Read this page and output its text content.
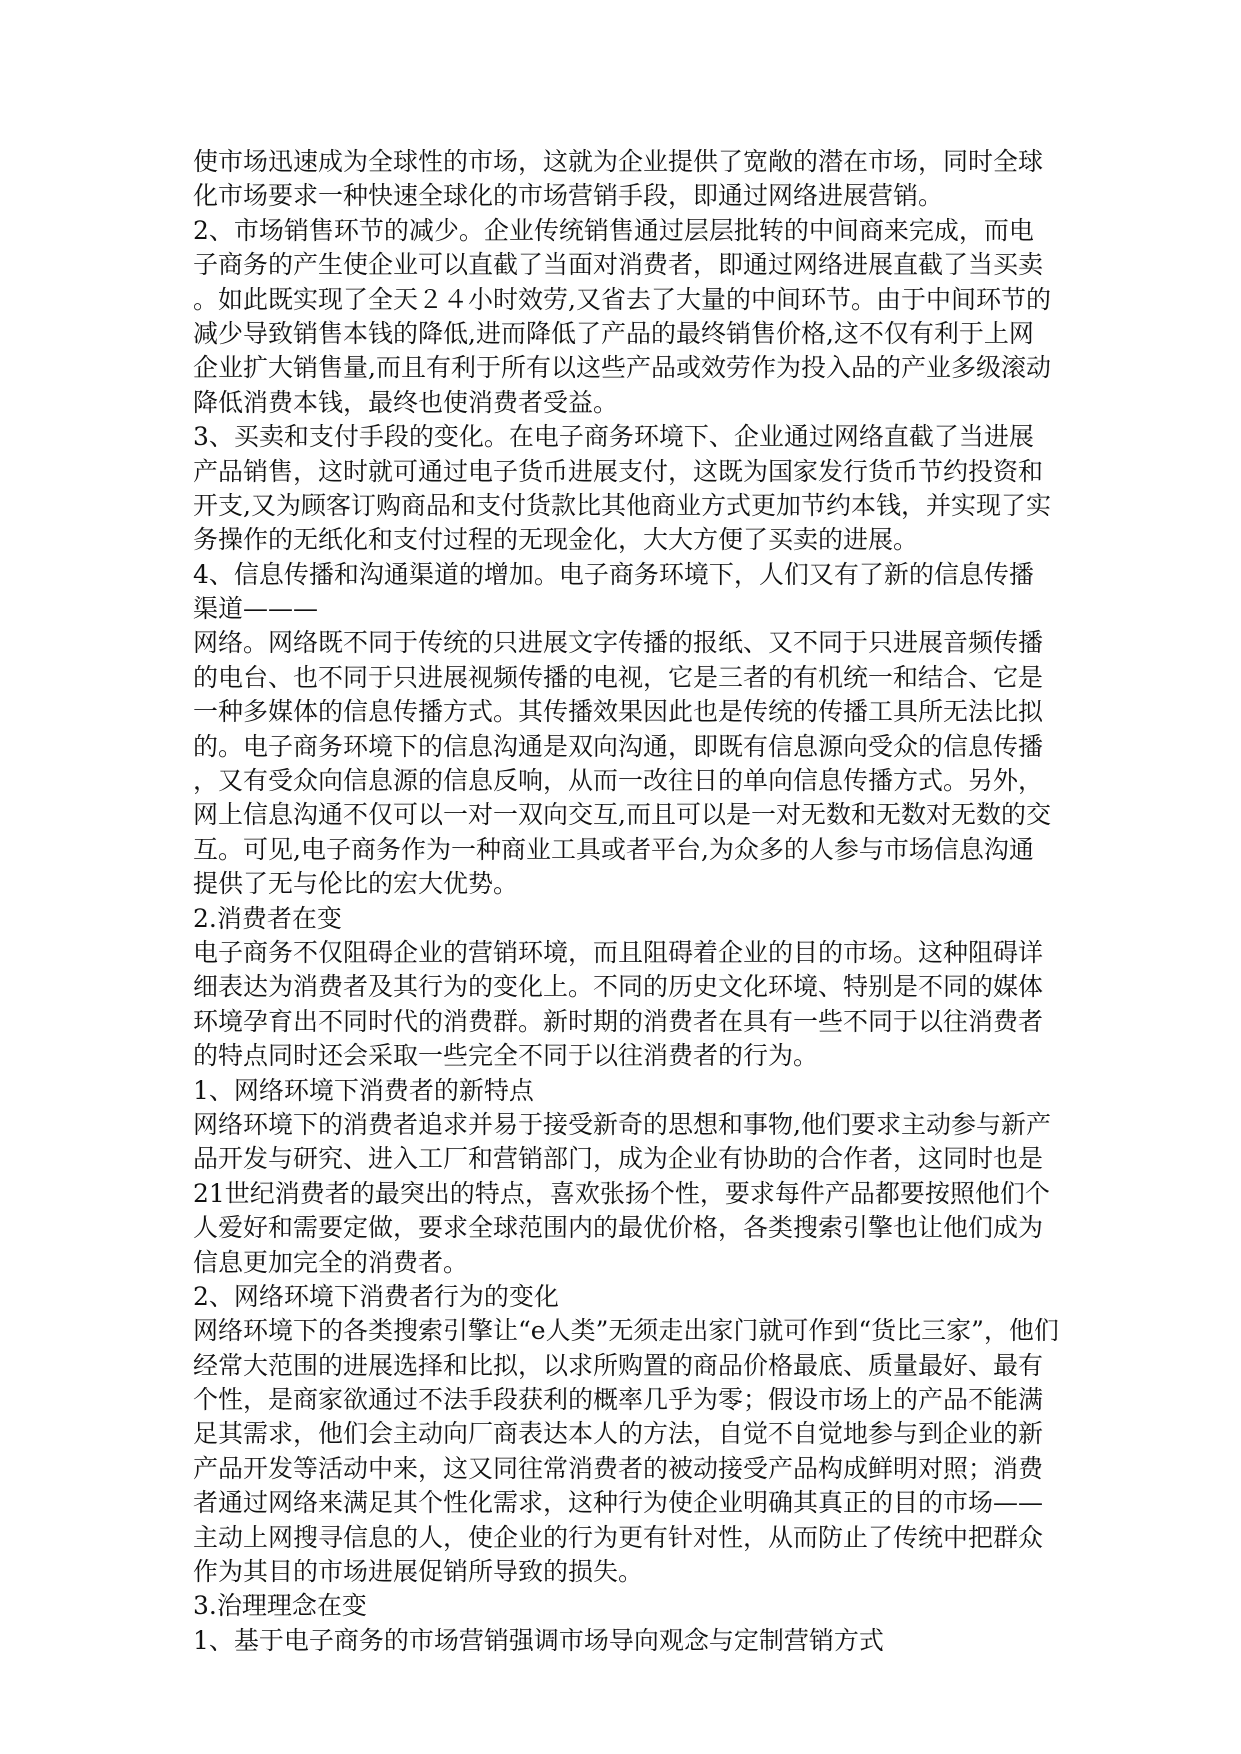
使市场迅速成为全球性的市场，这就为企业提供了宽敞的潜在市场，同时全球
化市场要求一种快速全球化的市场营销手段，即通过网络进展营销。
2、市场销售环节的减少。企业传统销售通过层层批转的中间商来完成，而电
子商务的产生使企业可以直截了当面对消费者，即通过网络进展直截了当买卖
。如此既实现了全天２４小时效劳,又省去了大量的中间环节。由于中间环节的
减少导致销售本钱的降低,进而降低了产品的最终销售价格,这不仅有利于上网
企业扩大销售量,而且有利于所有以这些产品或效劳作为投入品的产业多级滚动
降低消费本钱，最终也使消费者受益。
3、买卖和支付手段的变化。在电子商务环境下、企业通过网络直截了当进展
产品销售，这时就可通过电子货币进展支付，这既为国家发行货币节约投资和
开支,又为顾客订购商品和支付货款比其他商业方式更加节约本钱，并实现了实
务操作的无纸化和支付过程的无现金化，大大方便了买卖的进展。
4、信息传播和沟通渠道的增加。电子商务环境下，人们又有了新的信息传播
渠道———
网络。网络既不同于传统的只进展文字传播的报纸、又不同于只进展音频传播
的电台、也不同于只进展视频传播的电视，它是三者的有机统一和结合、它是
一种多媒体的信息传播方式。其传播效果因此也是传统的传播工具所无法比拟
的。电子商务环境下的信息沟通是双向沟通，即既有信息源向受众的信息传播
，又有受众向信息源的信息反响，从而一改往日的单向信息传播方式。另外，
网上信息沟通不仅可以一对一双向交互,而且可以是一对无数和无数对无数的交
互。可见,电子商务作为一种商业工具或者平台,为众多的人参与市场信息沟通
提供了无与伦比的宏大优势。
2.消费者在变
电子商务不仅阻碍企业的营销环境，而且阻碍着企业的目的市场。这种阻碍详
细表达为消费者及其行为的变化上。不同的历史文化环境、特别是不同的媒体
环境孕育出不同时代的消费群。新时期的消费者在具有一些不同于以往消费者
的特点同时还会采取一些完全不同于以往消费者的行为。
1、网络环境下消费者的新特点
网络环境下的消费者追求并易于接受新奇的思想和事物,他们要求主动参与新产
品开发与研究、进入工厂和营销部门，成为企业有协助的合作者，这同时也是
21世纪消费者的最突出的特点，喜欢张扬个性，要求每件产品都要按照他们个
人爱好和需要定做，要求全球范围内的最优价格，各类搜索引擎也让他们成为
信息更加完全的消费者。
2、网络环境下消费者行为的变化
网络环境下的各类搜索引擎让“e人类”无须走出家门就可作到“货比三家”，他们
经常大范围的进展选择和比拟，以求所购置的商品价格最底、质量最好、最有
个性，是商家欲通过不法手段获利的概率几乎为零；假设市场上的产品不能满
足其需求，他们会主动向厂商表达本人的方法，自觉不自觉地参与到企业的新
产品开发等活动中来，这又同往常消费者的被动接受产品构成鲜明对照；消费
者通过网络来满足其个性化需求，这种行为使企业明确其真正的目的市场——
主动上网搜寻信息的人，使企业的行为更有针对性，从而防止了传统中把群众
作为其目的市场进展促销所导致的损失。
3.治理理念在变
1、基于电子商务的市场营销强调市场导向观念与定制营销方式
